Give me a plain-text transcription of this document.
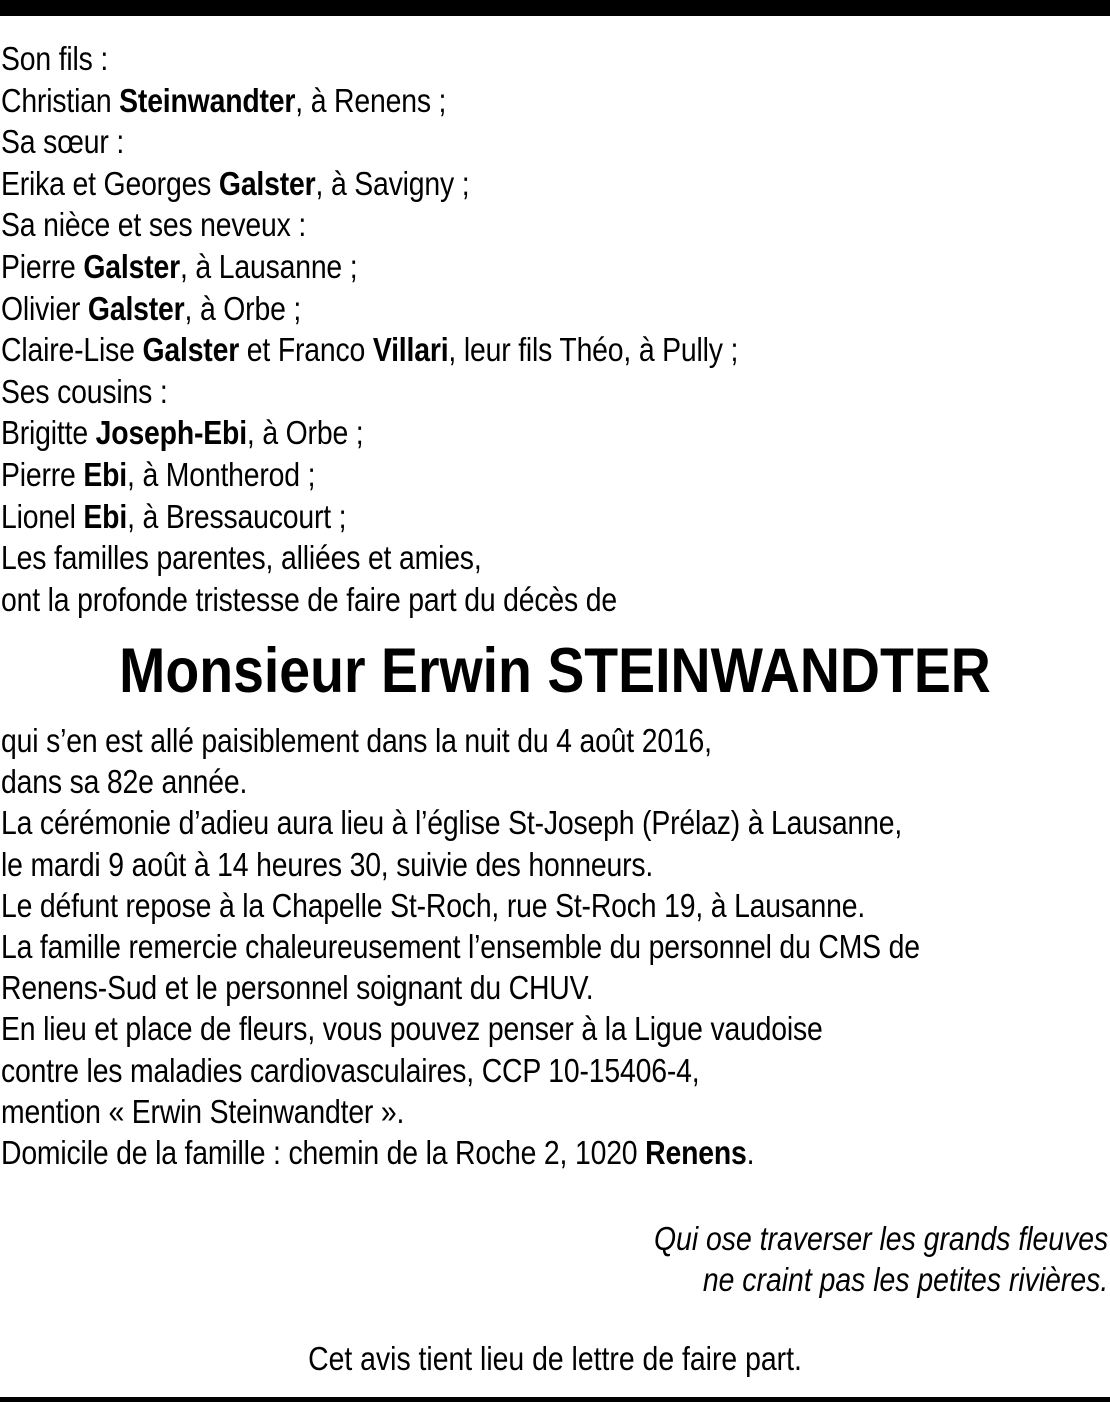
Son fils :
Christian Steinwandter, à Renens ;
Sa sœur :
Erika et Georges Galster, à Savigny ;
Sa nièce et ses neveux :
Pierre Galster, à Lausanne ;
Olivier Galster, à Orbe ;
Claire-Lise Galster et Franco Villari, leur fils Théo, à Pully ;
Ses cousins :
Brigitte Joseph-Ebi, à Orbe ;
Pierre Ebi, à Montherod ;
Lionel Ebi, à Bressaucourt ;
Les familles parentes, alliées et amies,
ont la profonde tristesse de faire part du décès de
Monsieur Erwin STEINWANDTER
qui s’en est allé paisiblement dans la nuit du 4 août 2016,
dans sa 82e année.
La cérémonie d’adieu aura lieu à l’église St-Joseph (Prélaz) à Lausanne,
le mardi 9 août à 14 heures 30, suivie des honneurs.
Le défunt repose à la Chapelle St-Roch, rue St-Roch 19, à Lausanne.
La famille remercie chaleureusement l’ensemble du personnel du CMS de
Renens-Sud et le personnel soignant du CHUV.
En lieu et place de fleurs, vous pouvez penser à la Ligue vaudoise
contre les maladies cardiovasculaires, CCP 10-15406-4,
mention « Erwin Steinwandter ».
Domicile de la famille : chemin de la Roche 2, 1020 Renens.
Qui ose traverser les grands fleuves
ne craint pas les petites rivières.
Cet avis tient lieu de lettre de faire part.
